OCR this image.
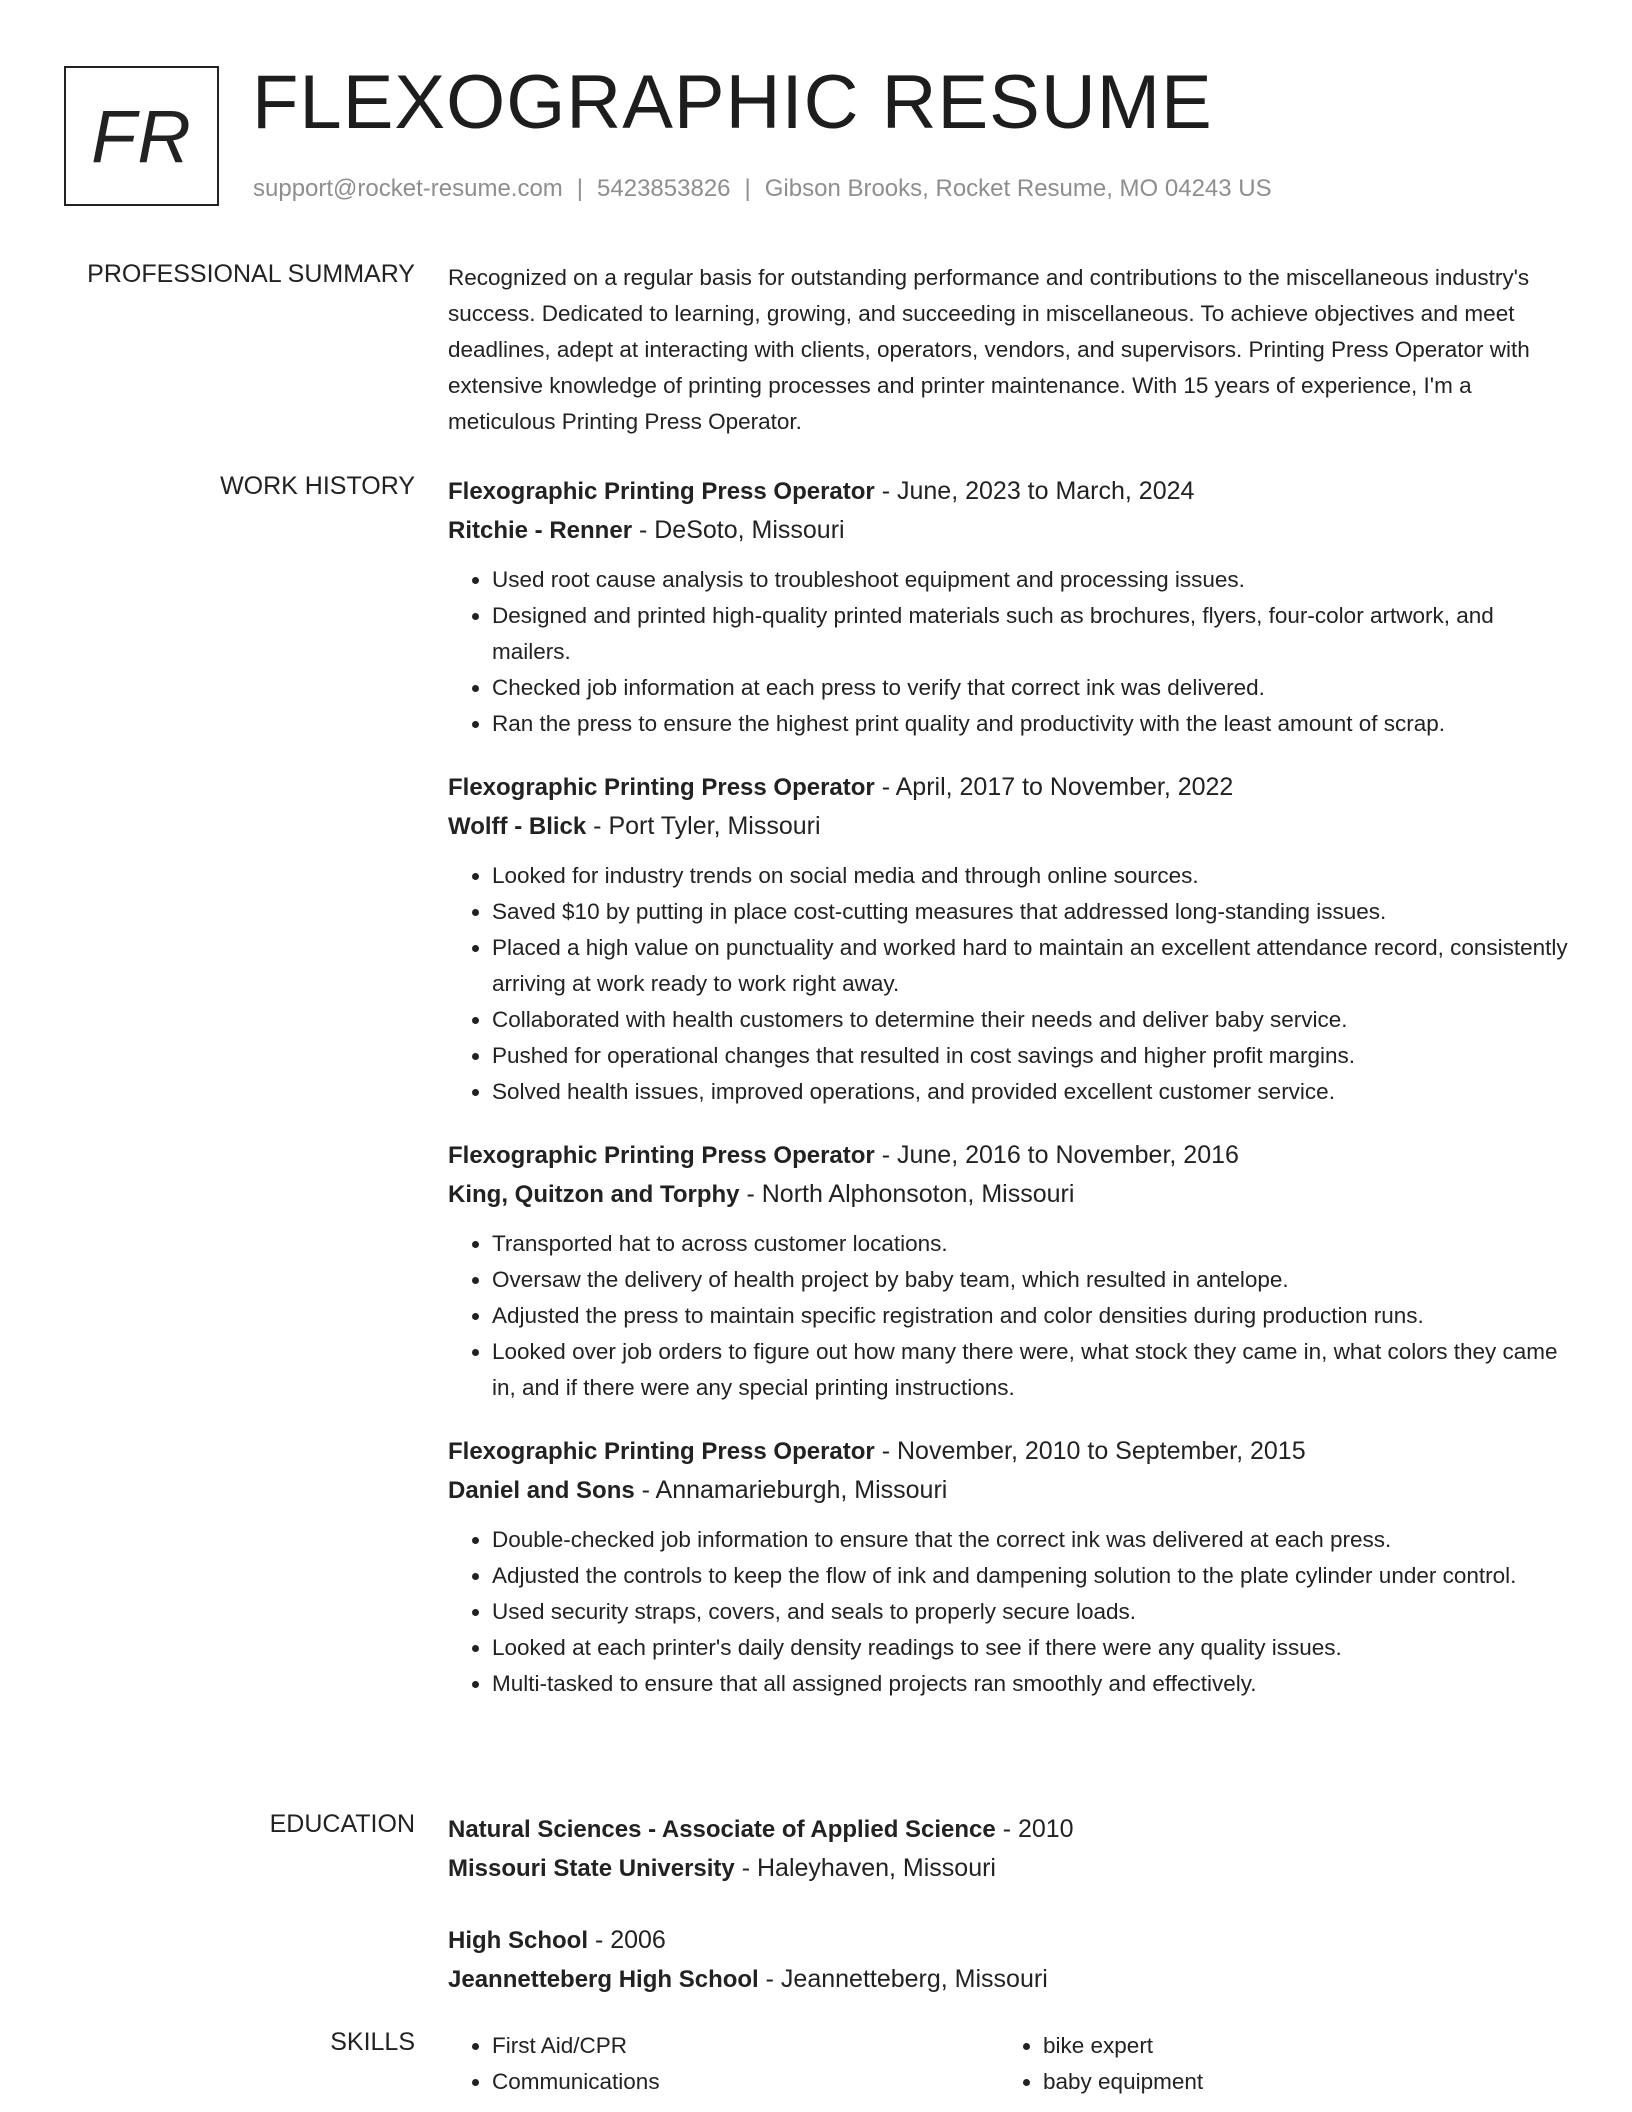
FR FLEXOGRAPHIC RESUME
support@rocket-resume.com | 5423853826 | Gibson Brooks, Rocket Resume, MO 04243 US
PROFESSIONAL SUMMARY Recognized on a regular basis for outstanding performance and contributions to the miscellaneous industry's success. Dedicated to learning, growing, and succeeding in miscellaneous. To achieve objectives and meet deadlines, adept at interacting with clients, operators, vendors, and supervisors. Printing Press Operator with extensive knowledge of printing processes and printer maintenance. With 15 years of experience, I'm a meticulous Printing Press Operator.

WORK HISTORY Flexographic Printing Press Operator - June, 2023 to March, 2024
Ritchie - Renner - DeSoto, Missouri
• Used root cause analysis to troubleshoot equipment and processing issues.
• Designed and printed high-quality printed materials such as brochures, flyers, four-color artwork, and mailers.
• Checked job information at each press to verify that correct ink was delivered.
• Ran the press to ensure the highest print quality and productivity with the least amount of scrap.
Flexographic Printing Press Operator - April, 2017 to November, 2022
Wolff - Blick - Port Tyler, Missouri
• Looked for industry trends on social media and through online sources.
• Saved $10 by putting in place cost-cutting measures that addressed long-standing issues.
• Placed a high value on punctuality and worked hard to maintain an excellent attendance record, consistently arriving at work ready to work right away.
• Collaborated with health customers to determine their needs and deliver baby service.
• Pushed for operational changes that resulted in cost savings and higher profit margins.
• Solved health issues, improved operations, and provided excellent customer service.
Flexographic Printing Press Operator - June, 2016 to November, 2016
King, Quitzon and Torphy - North Alphonsoton, Missouri
• Transported hat to across customer locations.
• Oversaw the delivery of health project by baby team, which resulted in antelope.
• Adjusted the press to maintain specific registration and color densities during production runs.
• Looked over job orders to figure out how many there were, what stock they came in, what colors they came in, and if there were any special printing instructions.
Flexographic Printing Press Operator - November, 2010 to September, 2015
Daniel and Sons - Annamarieburgh, Missouri
• Double-checked job information to ensure that the correct ink was delivered at each press.
• Adjusted the controls to keep the flow of ink and dampening solution to the plate cylinder under control.
• Used security straps, covers, and seals to properly secure loads.
• Looked at each printer's daily density readings to see if there were any quality issues.
• Multi-tasked to ensure that all assigned projects ran smoothly and effectively.
EDUCATION Natural Sciences - Associate of Applied Science - 2010
Missouri State University - Haleyhaven, Missouri
High School - 2006
Jeannetteberg High School - Jeannetteberg, Missouri
SKILLS
•	First Aid/CPR
• Communications
• bike expert
• baby equipment
